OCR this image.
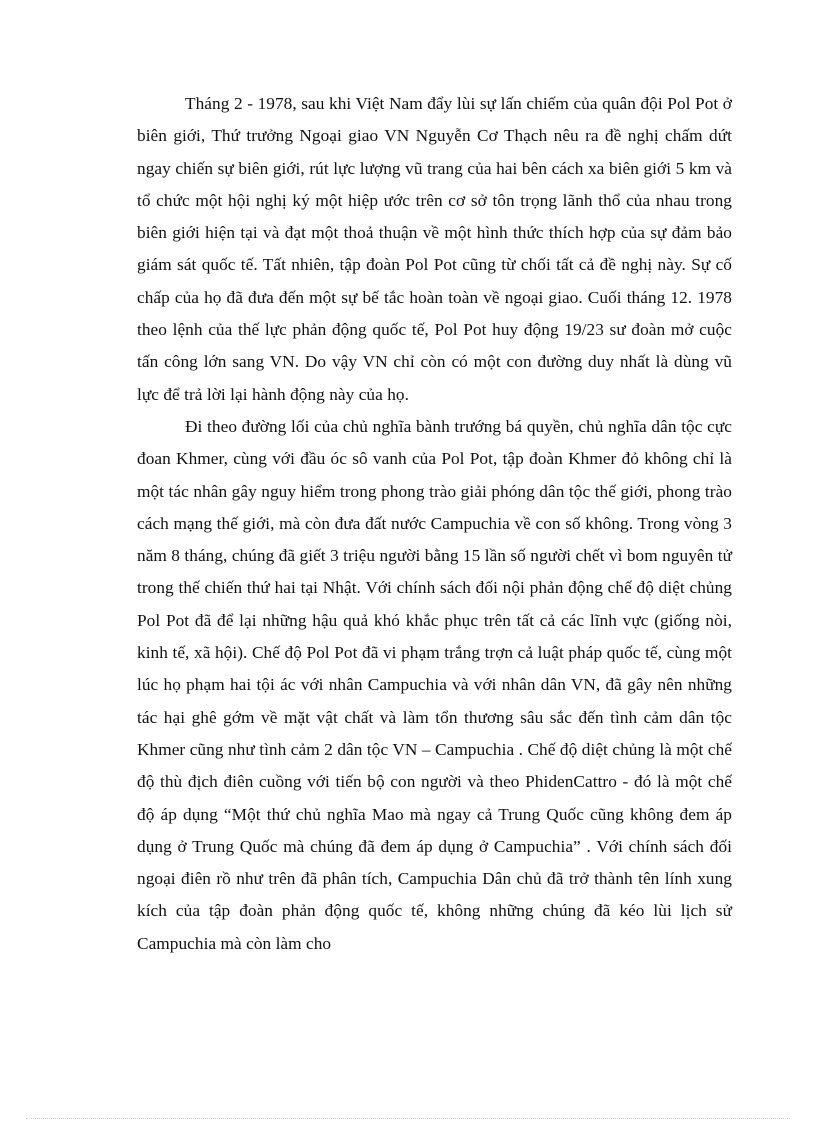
Tháng 2 - 1978, sau khi Việt Nam đẩy lùi sự lấn chiếm của quân đội Pol Pot ở biên giới, Thứ trưởng Ngoại giao VN Nguyễn Cơ Thạch nêu ra đề nghị chấm dứt ngay chiến sự biên giới, rút lực lượng vũ trang của hai bên cách xa biên giới 5 km và tổ chức một hội nghị ký một hiệp ước trên cơ sở tôn trọng lãnh thổ của nhau trong biên giới hiện tại và đạt một thoả thuận về một hình thức thích hợp của sự đảm bảo giám sát quốc tế. Tất nhiên, tập đoàn Pol Pot cũng từ chối tất cả đề nghị này. Sự cố chấp của họ đã đưa đến một sự bế tắc hoàn toàn về ngoại giao. Cuối tháng 12. 1978 theo lệnh của thế lực phản động quốc tế, Pol Pot huy động 19/23 sư đoàn mở cuộc tấn công lớn sang VN. Do vậy VN chỉ còn có một con đường duy nhất là dùng vũ lực để trả lời lại hành động này của họ.

Đi theo đường lối của chủ nghĩa bành trướng bá quyền, chủ nghĩa dân tộc cực đoan Khmer, cùng với đầu óc sô vanh của Pol Pot, tập đoàn Khmer đỏ không chỉ là một tác nhân gây nguy hiểm trong phong trào giải phóng dân tộc thế giới, phong trào cách mạng thế giới, mà còn đưa đất nước Campuchia về con số không. Trong vòng 3 năm 8 tháng, chúng đã giết 3 triệu người bằng 15 lần số người chết vì bom nguyên tử trong thế chiến thứ hai tại Nhật. Với chính sách đối nội phản động chế độ diệt chủng Pol Pot đã để lại những hậu quả khó khắc phục trên tất cả các lĩnh vực (giống nòi, kinh tế, xã hội). Chế độ Pol Pot đã vi phạm trắng trợn cả luật pháp quốc tế, cùng một lúc họ phạm hai tội ác với nhân Campuchia và với nhân dân VN, đã gây nên những tác hại ghê gớm về mặt vật chất và làm tổn thương sâu sắc đến tình cảm dân tộc Khmer cũng như tình cảm 2 dân tộc VN – Campuchia . Chế độ diệt chủng là một chế độ thù địch điên cuồng với tiến bộ con người và theo PhidenCattro - đó là một chế độ áp dụng “Một thứ chủ nghĩa Mao mà ngay cả Trung Quốc cũng không đem áp dụng ở Trung Quốc mà chúng đã đem áp dụng ở Campuchia” . Với chính sách đối ngoại điên rồ như trên đã phân tích, Campuchia Dân chủ đã trở thành tên lính xung kích của tập đoàn phản động quốc tế, không những chúng đã kéo lùi lịch sử Campuchia mà còn làm cho
